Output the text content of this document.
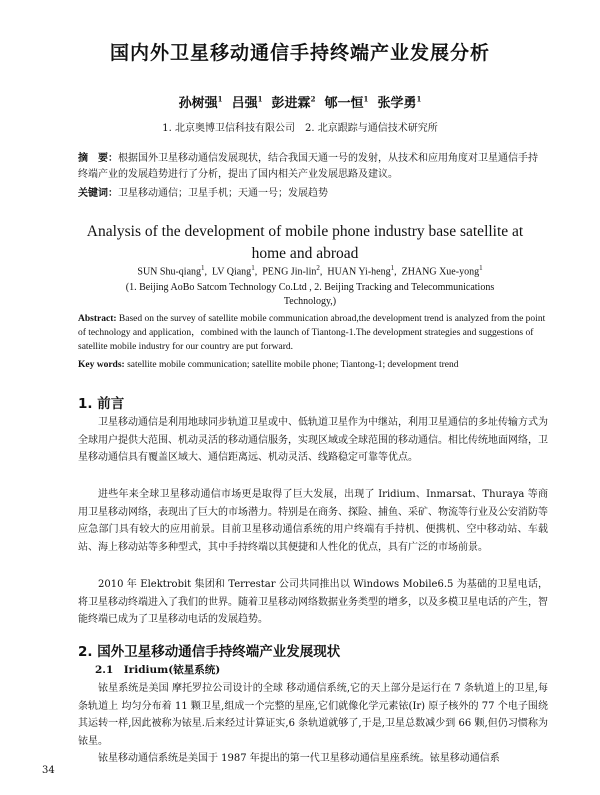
国内外卫星移动通信手持终端产业发展分析
孙树强$^1$ 吕强$^1$ 彭进霖$^2$ 郇一恒$^1$ 张学勇$^1$
1. 北京奥博卫信科技有限公司　2. 北京跟踪与通信技术研究所
摘　要：根据国外卫星移动通信发展现状，结合我国天通一号的发射，从技术和应用角度对卫星通信手持终端产业的发展趋势进行了分析，提出了国内相关产业发展思路及建议。
关键词：卫星移动通信；卫星手机；天通一号；发展趋势
Analysis of the development of mobile phone industry base satellite at home and abroad
SUN Shu-qiang$^1$,  LV Qiang$^1$,  PENG Jin-lin$^2$,  HUAN Yi-heng$^1$,  ZHANG Xue-yong$^1$
(1. Beijing AoBo Satcom Technology Co.Ltd , 2. Beijing Tracking and Telecommunications Technology,)
Abstract: Based on the survey of satellite mobile communication abroad,the development trend is analyzed from the point of technology and application，combined with the launch of Tiantong-1.The development strategies and suggestions of satellite mobile industry for our country are put forward.
Key words: satellite mobile communication; satellite mobile phone; Tiantong-1; development trend
1. 前言
卫星移动通信是利用地球同步轨道卫星或中、低轨道卫星作为中继站，利用卫星通信的多址传输方式为全球用户提供大范围、机动灵活的移动通信服务，实现区域或全球范围的移动通信。相比传统地面网络，卫星移动通信具有覆盖区域大、通信距离远、机动灵活、线路稳定可靠等优点。
进些年来全球卫星移动通信市场更是取得了巨大发展，出现了 Iridium、Inmarsat、Thuraya 等商用卫星移动网络，表现出了巨大的市场潜力。特别是在商务、探险、捕鱼、采矿、物流等行业及公安消防等应急部门具有较大的应用前景。目前卫星移动通信系统的用户终端有手持机、便携机、空中移动站、车载站、海上移动站等多种型式，其中手持终端以其便捷和人性化的优点，具有广泛的市场前景。
2010 年 Elektrobit 集团和 Terrestar 公司共同推出以 Windows Mobile6.5 为基础的卫星电话，将卫星移动终端进入了我们的世界。随着卫星移动网络数据业务类型的增多，以及多模卫星电话的产生，智能终端已成为了卫星移动电话的发展趋势。
2. 国外卫星移动通信手持终端产业发展现状
2.1　Iridium(铱星系统)
铱星系统是美国 摩托罗拉公司设计的全球 移动通信系统,它的天上部分是运行在 7 条轨道上的卫星,每条轨道上 均匀分布着 11 颗卫星,组成一个完整的星座,它们就像化学元素铱(Ir) 原子核外的 77 个电子围绕其运转一样,因此被称为铱星.后来经过计算证实,6 条轨道就够了,于是,卫星总数减少到 66 颗,但仍习惯称为铱星。
铱星移动通信系统是美国于 1987 年提出的第一代卫星移动通信星座系统。铱星移动通信系
34
